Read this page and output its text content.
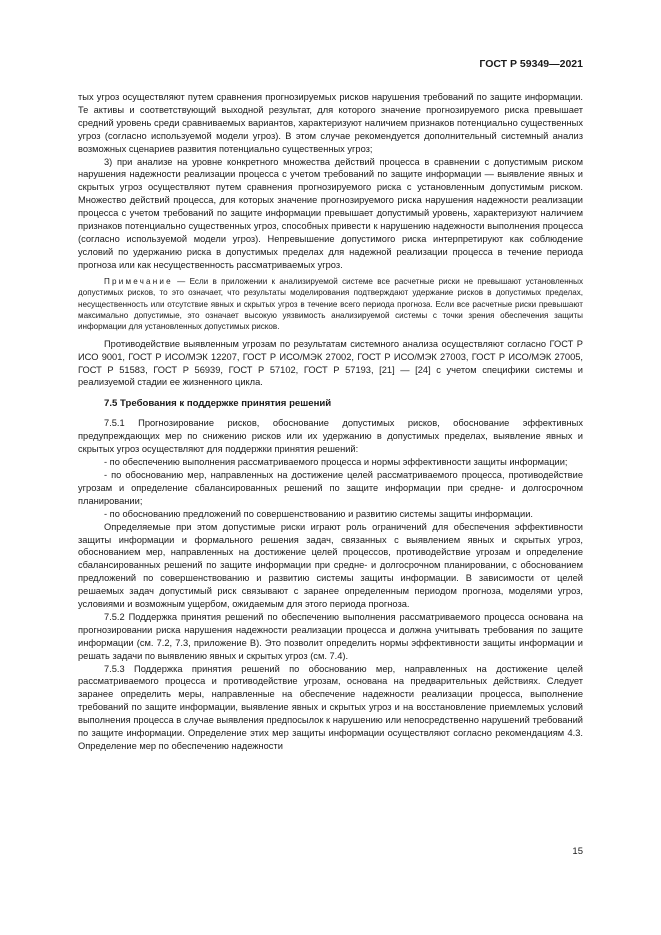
ГОСТ Р 59349—2021

тых угроз осуществляют путем сравнения прогнозируемых рисков нарушения требований по защите информации. Те активы и соответствующий выходной результат, для которого значение прогнозируемого риска превышает средний уровень среди сравниваемых вариантов, характеризуют наличием признаков потенциально существенных угроз (согласно используемой модели угроз). В этом случае рекомендуется дополнительный системный анализ возможных сценариев развития потенциально существенных угроз;

3) при анализе на уровне конкретного множества действий процесса в сравнении с допустимым риском нарушения надежности реализации процесса с учетом требований по защите информации — выявление явных и скрытых угроз осуществляют путем сравнения прогнозируемого риска с установленным допустимым риском. Множество действий процесса, для которых значение прогнозируемого риска нарушения надежности реализации процесса с учетом требований по защите информации превышает допустимый уровень, характеризуют наличием признаков потенциально существенных угроз, способных привести к нарушению надежности выполнения процесса (согласно используемой модели угроз). Непревышение допустимого риска интерпретируют как соблюдение условий по удержанию риска в допустимых пределах для надежной реализации процесса в течение периода прогноза или как несущественность рассматриваемых угроз.

Примечание — Если в приложении к анализируемой системе все расчетные риски не превышают установленных допустимых рисков, то это означает, что результаты моделирования подтверждают удержание рисков в допустимых пределах, несущественность или отсутствие явных и скрытых угроз в течение всего периода прогноза. Если все расчетные риски превышают максимально допустимые, это означает высокую уязвимость анализируемой системы с точки зрения обеспечения защиты информации для установленных допустимых рисков.

Противодействие выявленным угрозам по результатам системного анализа осуществляют согласно ГОСТ Р ИСО 9001, ГОСТ Р ИСО/МЭК 12207, ГОСТ Р ИСО/МЭК 27002, ГОСТ Р ИСО/МЭК 27003, ГОСТ Р ИСО/МЭК 27005, ГОСТ Р 51583, ГОСТ Р 56939, ГОСТ Р 57102, ГОСТ Р 57193, [21] — [24] с учетом специфики системы и реализуемой стадии ее жизненного цикла.

7.5 Требования к поддержке принятия решений

7.5.1 Прогнозирование рисков, обоснование допустимых рисков, обоснование эффективных предупреждающих мер по снижению рисков или их удержанию в допустимых пределах, выявление явных и скрытых угроз осуществляют для поддержки принятия решений:

- по обеспечению выполнения рассматриваемого процесса и нормы эффективности защиты информации;

- по обоснованию мер, направленных на достижение целей рассматриваемого процесса, противодействие угрозам и определение сбалансированных решений по защите информации при средне- и долгосрочном планировании;

- по обоснованию предложений по совершенствованию и развитию системы защиты информации.

Определяемые при этом допустимые риски играют роль ограничений для обеспечения эффективности защиты информации и формального решения задач, связанных с выявлением явных и скрытых угроз, обоснованием мер, направленных на достижение целей процессов, противодействие угрозам и определение сбалансированных решений по защите информации при средне- и долгосрочном планировании, с обоснованием предложений по совершенствованию и развитию системы защиты информации. В зависимости от целей решаемых задач допустимый риск связывают с заранее определенным периодом прогноза, моделями угроз, условиями и возможным ущербом, ожидаемым для этого периода прогноза.

7.5.2 Поддержка принятия решений по обеспечению выполнения рассматриваемого процесса основана на прогнозировании риска нарушения надежности реализации процесса и должна учитывать требования по защите информации (см. 7.2, 7.3, приложение В). Это позволит определить нормы эффективности защиты информации и решать задачи по выявлению явных и скрытых угроз (см. 7.4).

7.5.3 Поддержка принятия решений по обоснованию мер, направленных на достижение целей рассматриваемого процесса и противодействие угрозам, основана на предварительных действиях. Следует заранее определить меры, направленные на обеспечение надежности реализации процесса, выполнение требований по защите информации, выявление явных и скрытых угроз и на восстановление приемлемых условий выполнения процесса в случае выявления предпосылок к нарушению или непосредственно нарушений требований по защите информации. Определение этих мер защиты информации осуществляют согласно рекомендациям 4.3. Определение мер по обеспечению надежности

15
